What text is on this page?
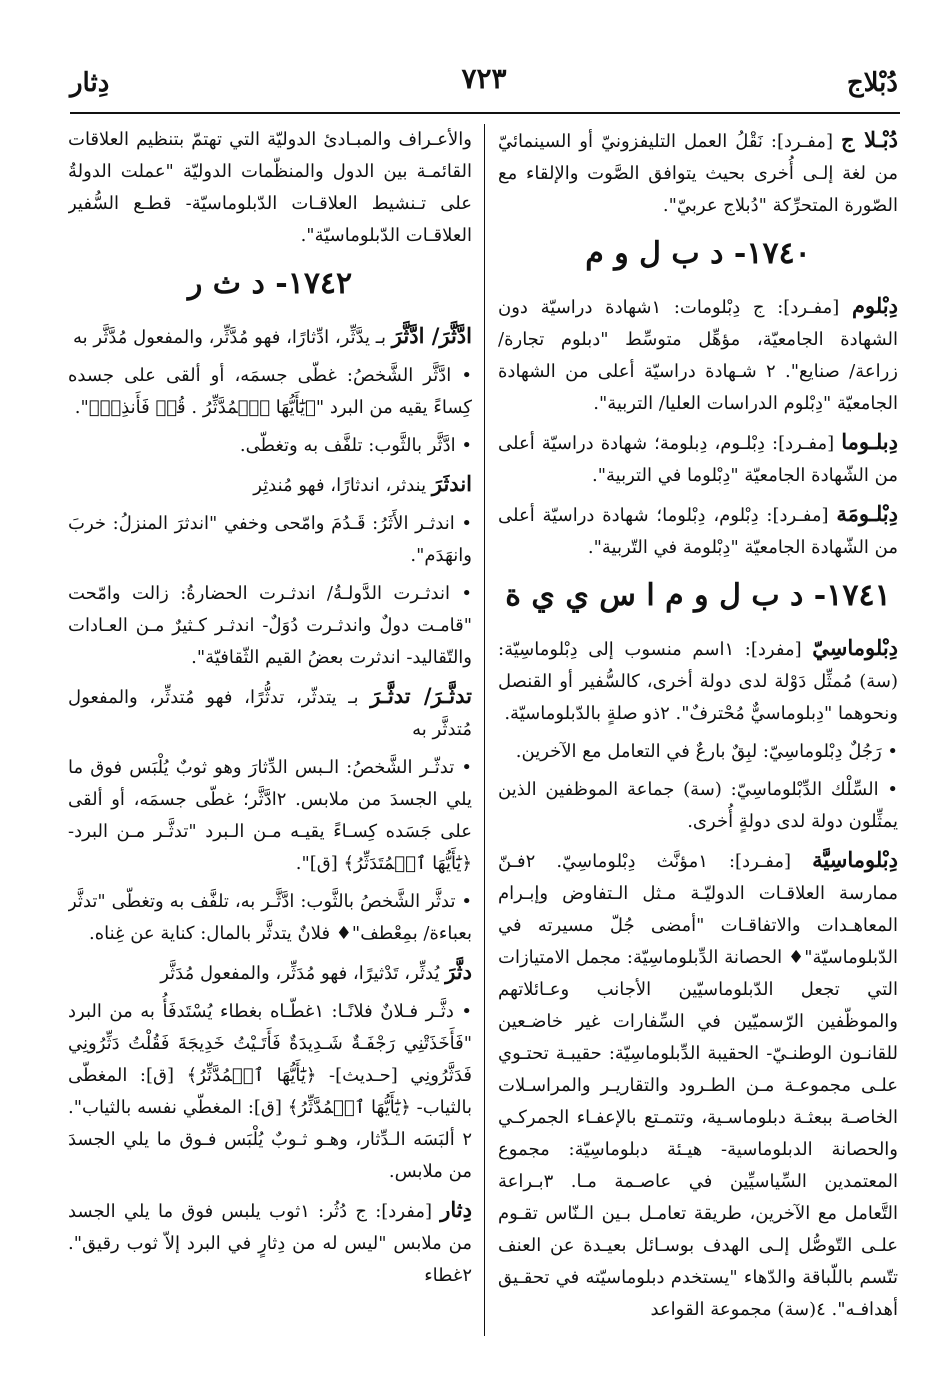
دُبْلاج
٧٢٣
دِثار

دُبْـلا ج [مفـرد]: نَقْلُ العمل التليفزونيّ أو السينمائيّ من لغة إلـى أُخرى بحيث يتوافق الصَّوت والإلقاء مع الصّورة المتحرِّكة "دُبلاج عربيّ".

١٧٤٠- د ب ل و م

دِبْلوم [مفـرد]: ج دِبْلومات: ١شهادة دراسيّة دون الشهادة الجامعيّة، مؤهِّل متوسِّط "دبلوم تجارة/ زراعة/ صنايع". ٢ شـهادة دراسيّة أعلى من الشهادة الجامعيّة "دِبْلوم الدراسات العليا/ التربية".

دِبلـوما [مفـرد]: دِبْلـوم، دِبلومة؛ شهادة دراسيّة أعلى من الشّهادة الجامعيّة "دِبْلوما في التربية".

دِبْلـومَة [مفـرد]: دِبْلوم، دِبْلوما؛ شهادة دراسيّة أعلى من الشّهادة الجامعيّة "دِبْلومة في التّربية".

١٧٤١- د ب ل و م ا س ي ي ة

دِبْلوماسِيّ [مفرد]: ١اسم منسوب إلى دِبْلوماسِيّة: (سة) مُمثِّل دَوْلة لدى دولة أخرى، كالسُّفير أو القنصل ونحوهما "دِبلوماسيٌّ مُحْترفٌ". ٢ذو صلةٍ بالدّبلوماسيّة.

• رَجُلٌ دِبْلوماسِيّ: لبِقٌ بارعٌ في التعامل مع الآخرين.

• السِّلْك الدِّبْلوماسِيّ: (سة) جماعة الموظفين الذين يمثِّلون دولة لدى دولةٍ أُخرى.

دِبْلوماسِيَّة [مفـرد]: ١مؤنَّث دِبْلوماسِيّ. ٢فـنّ ممارسة العلاقـات الدوليّـة مـثل الـتفاوض وإبـرام المعاهـدات والاتفاقـات "أمضى جُلّ مسيرته في الدّبلوماسيّة"♦ الحصانة الدِّبلوماسِيّة: مجمل الامتيازات التي تجعل الدّبلوماسيّين الأجانب وعـائلاتهم والموظّفين الرّسميّين في السِّفارات غير خاضـعين للقانـون الوطنـيّ- الحقيبة الدِّبلوماسِيّة: حقيبـة تحتـوي علـى مجموعـة مـن الطـرود والتقاريـر والمراسـلات الخاصـة ببعثـة دبلوماسـية، وتتمـتع بالإعفـاء الجمركـي والحصانة الدبلوماسية- هيـئة دبلوماسِيّة: مجموع المعتمدين السِّياسيِّين في عاصـمة مـا. ٣بـراعة التَّعامل مع الآخرين، طريقة تعامـل بـين الـنّاس تقـوم علـى التّوصُّل إلـى الهدف بوسـائل بعيـدة عن العنف تتّسم باللّباقة والدّهاء "يستخدم دبلوماسيّته في تحقـيق أهدافـه". ٤(سة) مجموعة القواعد

والأعـراف والمبـادئ الدوليّة التي تهتمّ بتنظيم العلاقات القائمـة بين الدول والمنظّمات الدوليّة "عملت الدولةُ على تـنشيط العلاقـات الدّبلوماسيّة- قطـع السُّفير العلاقـات الدّبلوماسيّة".

١٧٤٢- د ث ر

ادَّثَّرَ/ ادَّثَّرَ بـ يدَّثِّر، ادِّثارًا، فهو مُدَّثِّر، والمفعول مُدَّثَّر به

• ادَّثَّر الشَّخصُ: غطّى جسمَه، أو ألقى على جسده كِساءً يقيه من البرد "﴿يَٰٓأَيُّهَا ٱلۡمُدَّثِّرُ . قُمۡ فَأَنذِرۡ﴾".

• ادَّثَّر بالثَّوب: تلفَّف به وتغطّى.

اندثَرَ يندثر، اندثارًا، فهو مُندثِر

• اندثـر الأَثَرُ: قَـدُمَ وامّحى وخفي "اندثرَ المنزلُ: خربَ وانهَدَم".

• اندثـرت الدَّولـةُ/ اندثـرت الحضارةُ: زالت وامّحت "قامـت دولٌ واندثـرت دُوَلٌ- اندثـر كـثيرٌ مـن العـادات والتّقاليد- اندثرت بعضُ القيم الثّقافيّة".

تدثَّـرَ/ تدثَّـرَ بـ يتدثّر، تدثُّرًا، فهو مُتدثِّر، والمفعول مُتدثَّر به

• تدثّـر الشَّخصُ: الـبس الدِّثارَ وهو ثوبٌ يُلْبَس فوق ما يلي الجسدَ من ملابس. ٢ادَّثَّر؛ غطّى جسمَه، أو ألقى على جَسَده كِسـاءً يقيـه مـن الـبرد "تدثَّـر مـن البرد- ﴿يَٰٓأَيُّهَا ٱلۡمُتَدَثِّرُ﴾ [ق]".

• تدثَّر الشَّخصُ بالثَّوب: ادَّثَّـر به، تلفَّف به وتغطّى "تدثَّر بعباءة/ بمِعْطف"♦ فلانٌ يتدثَّر بالمال: كناية عن غِناه.

دثَّرَ يُدثِّر، تَدْثيرًا، فهو مُدَثِّر، والمفعول مُدَثَّر

• دثَّـر فـلانٌ فلانًـا: ١غطّـاه بغطاء يُسْتَدفَأُ به من البرد "فَأَخَذَتْنِي رَجْفَـةٌ شَـدِيدَةٌ فَأَتَـيْتُ خَدِيجَةَ فَقُلْتُ دَثِّرُونِي فَدَثَّرُونِي [حـديث]- ﴿يَٰٓأَيُّهَا ٱلۡمُدَّثِّرُ﴾ [ق]: المغطّى بالثياب- ﴿يَٰٓأَيُّهَا ٱلۡمُدَّثِّرُ﴾ [ق]: المغطّي نفسه بالثياب". ٢ ألبَسَه الـدِّثار، وهـو ثـوبٌ يُلْبَس فـوق ما يلي الجسدَ من ملابس.

دِثار [مفرد]: ج دُثُر: ١ثوب يلبس فوق ما يلي الجسد من ملابس "ليس له من دِثارٍ في البرد إلاّ ثوب رقيق". ٢غطاء
